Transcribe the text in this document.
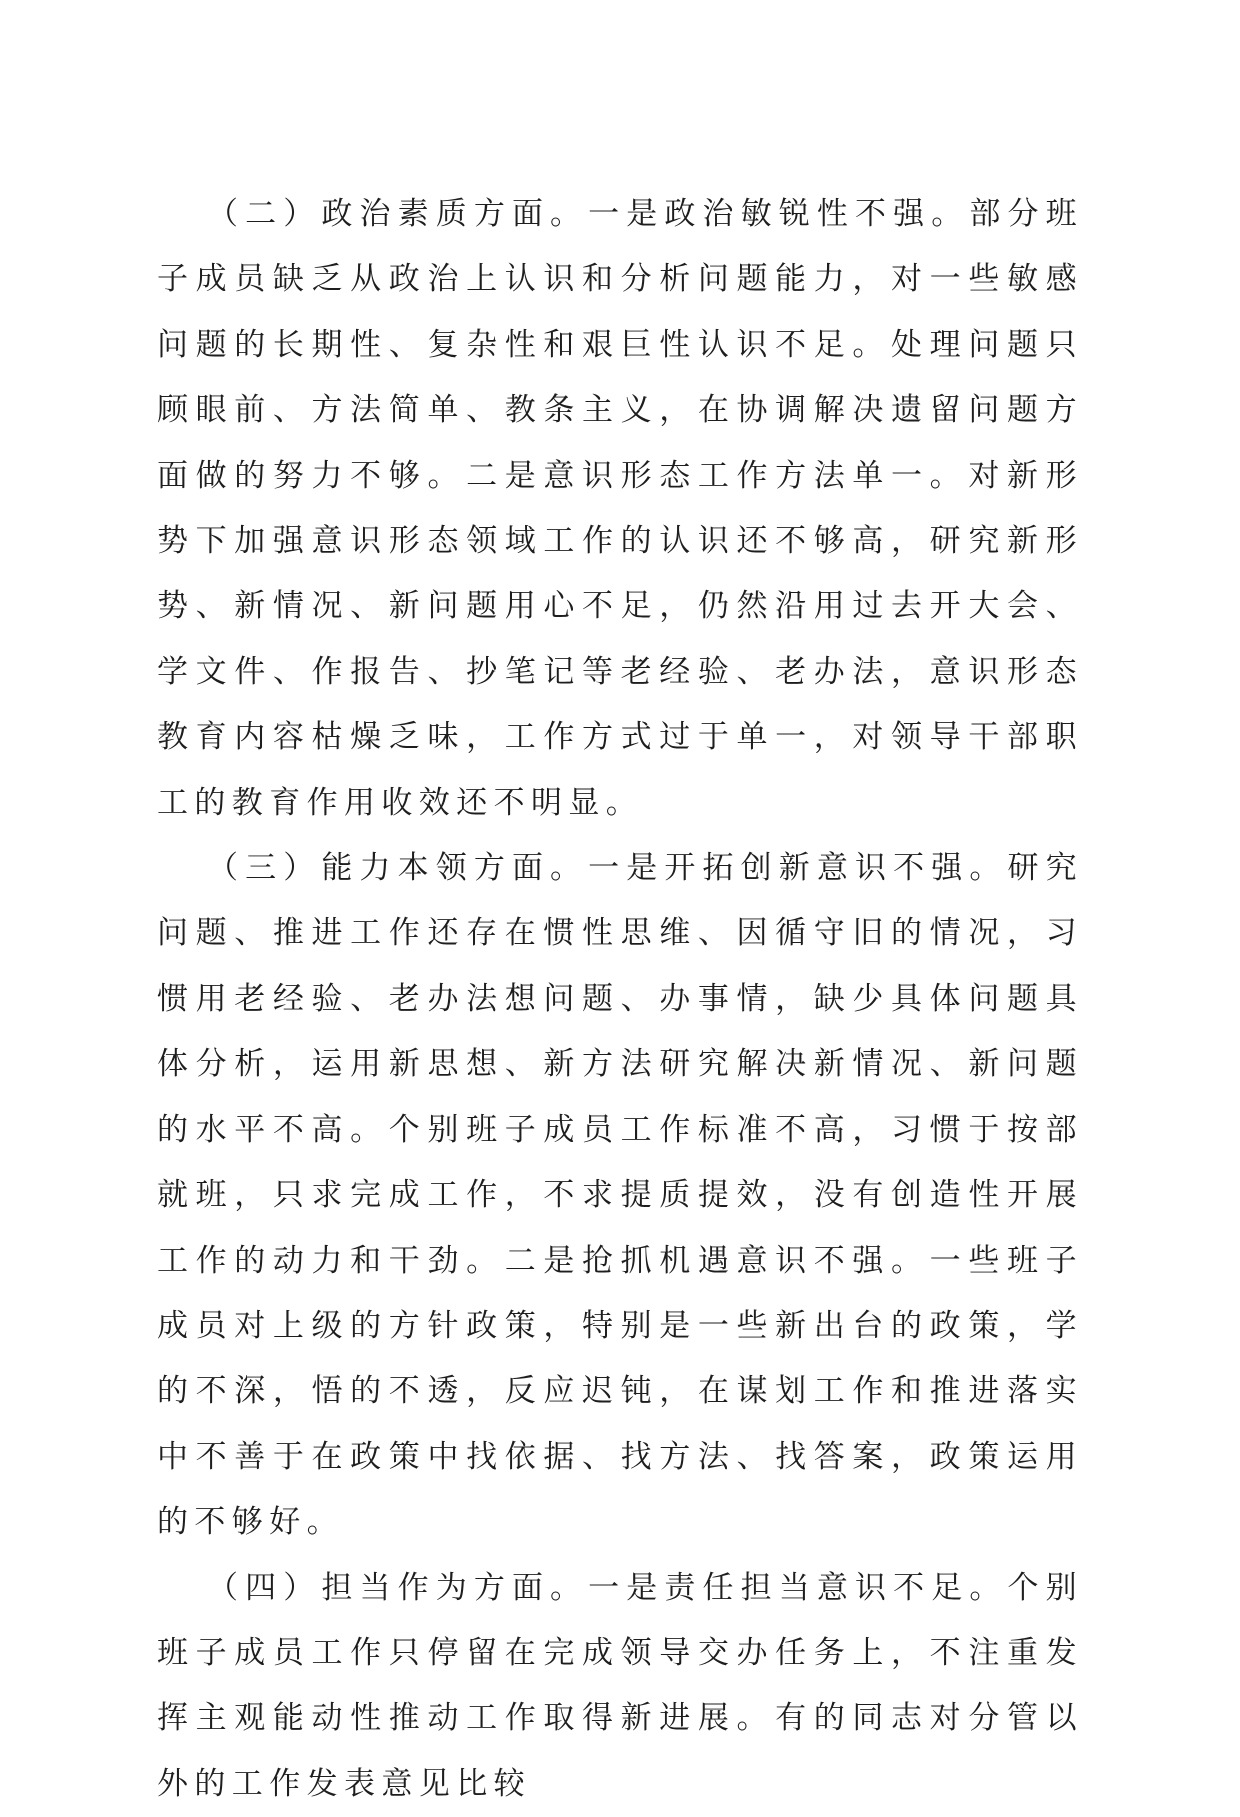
（二）政治素质方面。一是政治敏锐性不强。部分班子成员缺乏从政治上认识和分析问题能力，对一些敏感问题的长期性、复杂性和艰巨性认识不足。处理问题只顾眼前、方法简单、教条主义，在协调解决遗留问题方面做的努力不够。二是意识形态工作方法单一。对新形势下加强意识形态领域工作的认识还不够高，研究新形势、新情况、新问题用心不足，仍然沿用过去开大会、学文件、作报告、抄笔记等老经验、老办法，意识形态教育内容枯燥乏味，工作方式过于单一，对领导干部职工的教育作用收效还不明显。

（三）能力本领方面。一是开拓创新意识不强。研究问题、推进工作还存在惯性思维、因循守旧的情况，习惯用老经验、老办法想问题、办事情，缺少具体问题具体分析，运用新思想、新方法研究解决新情况、新问题的水平不高。个别班子成员工作标准不高，习惯于按部就班，只求完成工作，不求提质提效，没有创造性开展工作的动力和干劲。二是抢抓机遇意识不强。一些班子成员对上级的方针政策，特别是一些新出台的政策，学的不深，悟的不透，反应迟钝，在谋划工作和推进落实中不善于在政策中找依据、找方法、找答案，政策运用的不够好。

（四）担当作为方面。一是责任担当意识不足。个别班子成员工作只停留在完成领导交办任务上，不注重发挥主观能动性推动工作取得新进展。有的同志对分管以外的工作发表意见比较
